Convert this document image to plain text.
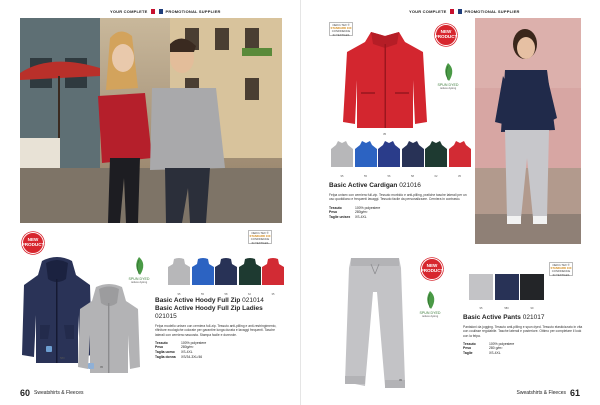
YOUR COMPLETE	PROMOTIONAL SUPPLIER
NEW PRODUCT
580
95
SPUN DYED
reduce dyeing
OEKO-TEX ®
STANDARD 100
CONFIDENCE IN TEXTILES
95	55	58	62	35
Basic Active Hoody Full Zip 021014
Basic Active Hoody Full Zip Ladies 021015
Felpa modello unisex con cerniera full-zip. Tessuto anti-pilling e anti-restringimento, rifiniture ecologiche colorate per garantire lunga durata e lavaggi frequenti. Tasche laterali con cerniera nascosta. Stampa facile e durevole.
Tessuto	100% polyestere
Peso	280g/m²
Taglia uomo XS-4XL
Taglia donna XS/34-3XL/46
60 Sweatshirts & Fleeces
YOUR COMPLETE	PROMOTIONAL SUPPLIER
OEKO-TEX ®
STANDARD 100
CONFIDENCE IN TEXTILES
NEW PRODUCT
35
SPUN DYED
reduce dyeing
95	55	56	58	62	35
Basic Active Cardigan 021016
Felpa unisex con cerniera full-zip. Tessuto morbido e anti-pilling, pratiche tasche laterali per un uso quotidiano e frequenti lavaggi. Tessuto facile da personalizzare. Cerniera in contrasto.
Tessuto	100% polyestere
Peso	280g/m²
Taglie unisex XS-4XL
95
NEW PRODUCT
SPUN DYED
reduce dyeing
OEKO-TEX ®
STANDARD 100
CONFIDENCE IN TEXTILES
95	580	99
Basic Active Pants 021017
Pantaloni da jogging. Tessuto anti-pilling e spun dyed. Tessuto elasticizzato in vita con coulisse regolabile. Tasche laterali e posteriore. Ottimo per completare il look con la felpa.
Tessuto	100% polyestere
Peso	280 g/m²
Taglie	XS-4XL
Sweatshirts & Fleeces 61
